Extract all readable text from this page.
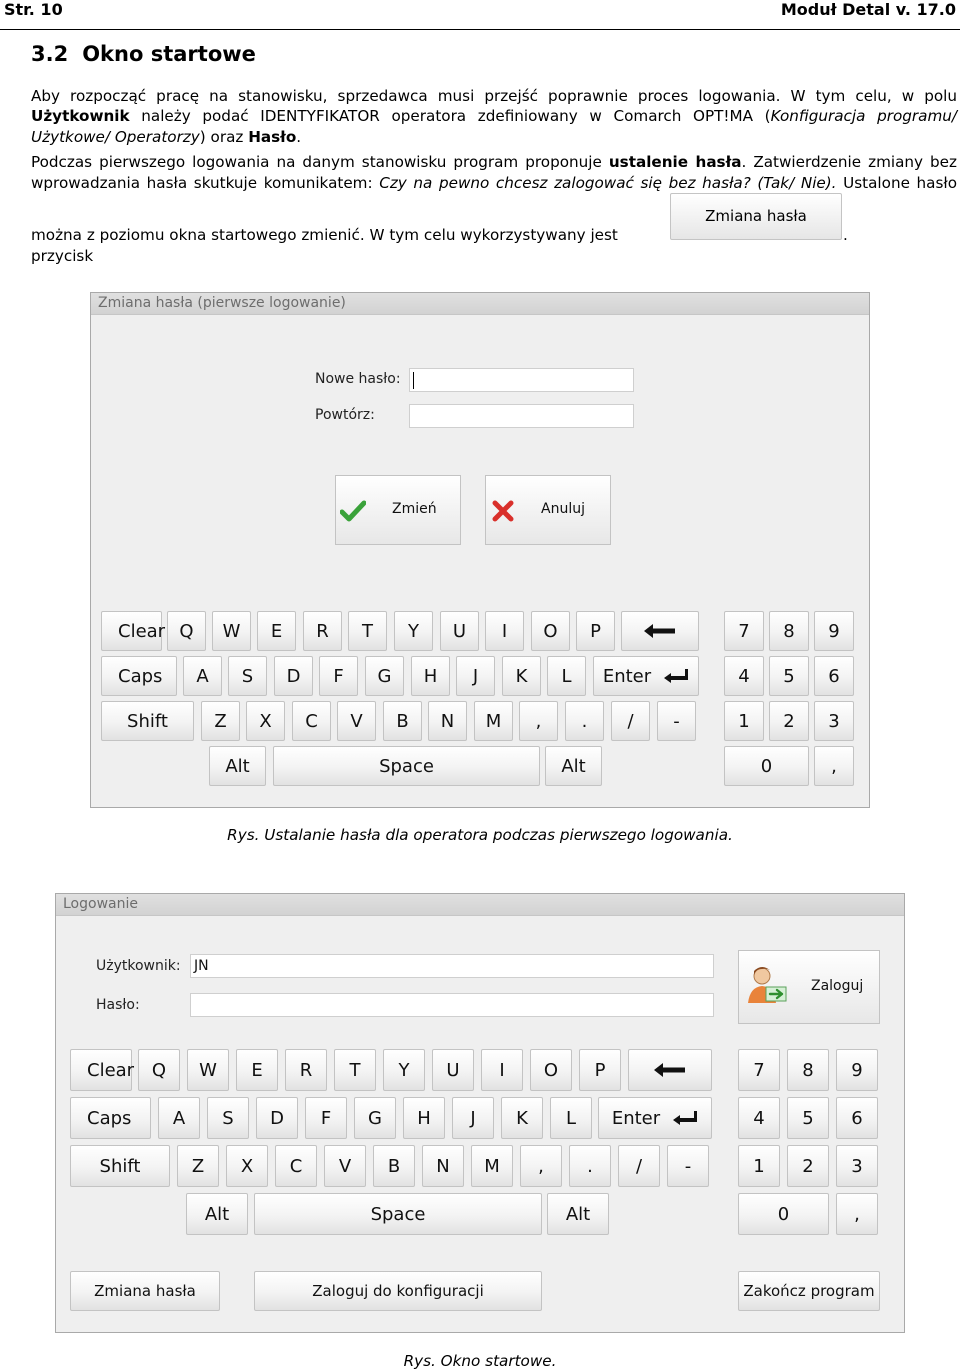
Str. 10	Moduł Detal v. 17.0
3.2 Okno startowe
Aby rozpocząć pracę na stanowisku, sprzedawca musi przejść poprawnie proces logowania. W tym celu, w polu
Użytkownik należy podać IDENTYFIKATOR operatora zdefiniowany w Comarch OPT!MA (Konfiguracja programu/
Użytkowe/ Operatorzy) oraz Hasło.
Podczas pierwszego logowania na danym stanowisku program proponuje ustalenie hasła. Zatwierdzenie zmiany bez
wprowadzania hasła skutkuje komunikatem: Czy na pewno chcesz zalogować się bez hasła? (Tak/ Nie). Ustalone hasło
można z poziomu okna startowego zmienić. W tym celu wykorzystywany jest przycisk
Zmiana hasła
.
Zmiana hasła (pierwsze logowanie)
Nowe hasło:
Powtórz:
Zmień	Anuluj
Clear Q	W	E	R	T	Y	U	I	O	P
Caps	A	S	D	F	G	H	J	K	L	Enter
Shift	Z	X	C	V	B	N	M	,	.	/	-
Alt	Space	Alt
7	8	9
4	5	6
1	2	3
0	,
Rys. Ustalanie hasła dla operatora podczas pierwszego logowania.
Logowanie
Użytkownik: JN
Hasło:
Zaloguj
Clear Q	W	E	R	T	Y	U	I	O	P
Caps	A	S	D	F	G	H	J	K	L	Enter
Shift	Z	X	C	V	B	N	M	,	.	/	-
Alt	Space	Alt
7	8	9
4	5	6
1	2	3
0	,
Zmiana hasła	Zaloguj do konfiguracji	Zakończ program
Rys. Okno startowe.
